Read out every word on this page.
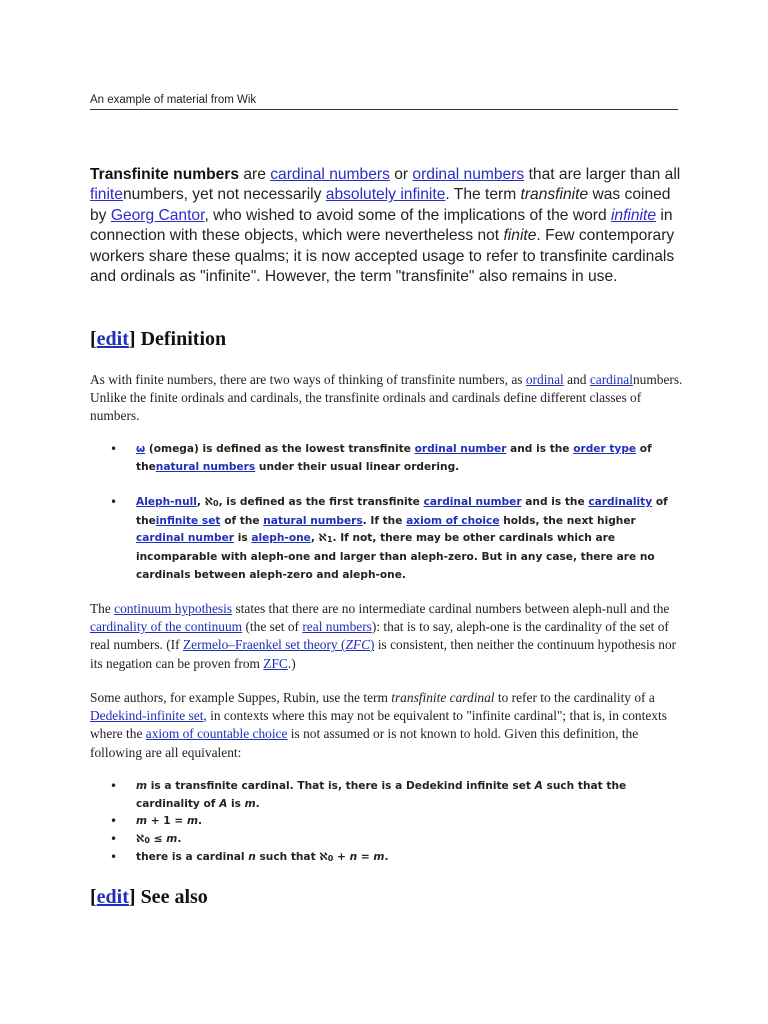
An example of material from Wik
Transfinite numbers are cardinal numbers or ordinal numbers that are larger than all finitenumbers, yet not necessarily absolutely infinite. The term transfinite was coined by Georg Cantor, who wished to avoid some of the implications of the word infinite in connection with these objects, which were nevertheless not finite. Few contemporary workers share these qualms; it is now accepted usage to refer to transfinite cardinals and ordinals as "infinite". However, the term "transfinite" also remains in use.
[edit] Definition
As with finite numbers, there are two ways of thinking of transfinite numbers, as ordinal and cardinalnumbers. Unlike the finite ordinals and cardinals, the transfinite ordinals and cardinals define different classes of numbers.
• ω (omega) is defined as the lowest transfinite ordinal number and is the order type of thenatural numbers under their usual linear ordering.
• Aleph-null, ℵ0, is defined as the first transfinite cardinal number and is the cardinality of theinfinite set of the natural numbers. If the axiom of choice holds, the next higher cardinal number is aleph-one, ℵ1. If not, there may be other cardinals which are incomparable with aleph-one and larger than aleph-zero. But in any case, there are no cardinals between aleph-zero and aleph-one.
The continuum hypothesis states that there are no intermediate cardinal numbers between aleph-null and the cardinality of the continuum (the set of real numbers): that is to say, aleph-one is the cardinality of the set of real numbers. (If Zermelo–Fraenkel set theory (ZFC) is consistent, then neither the continuum hypothesis nor its negation can be proven from ZFC.)
Some authors, for example Suppes, Rubin, use the term transfinite cardinal to refer to the cardinality of a Dedekind-infinite set, in contexts where this may not be equivalent to "infinite cardinal"; that is, in contexts where the axiom of countable choice is not assumed or is not known to hold. Given this definition, the following are all equivalent:
• m is a transfinite cardinal. That is, there is a Dedekind infinite set A such that the cardinality of A is m.
• m + 1 = m.
• ℵ0 ≤ m.
• there is a cardinal n such that ℵ0 + n = m.
[edit] See also
